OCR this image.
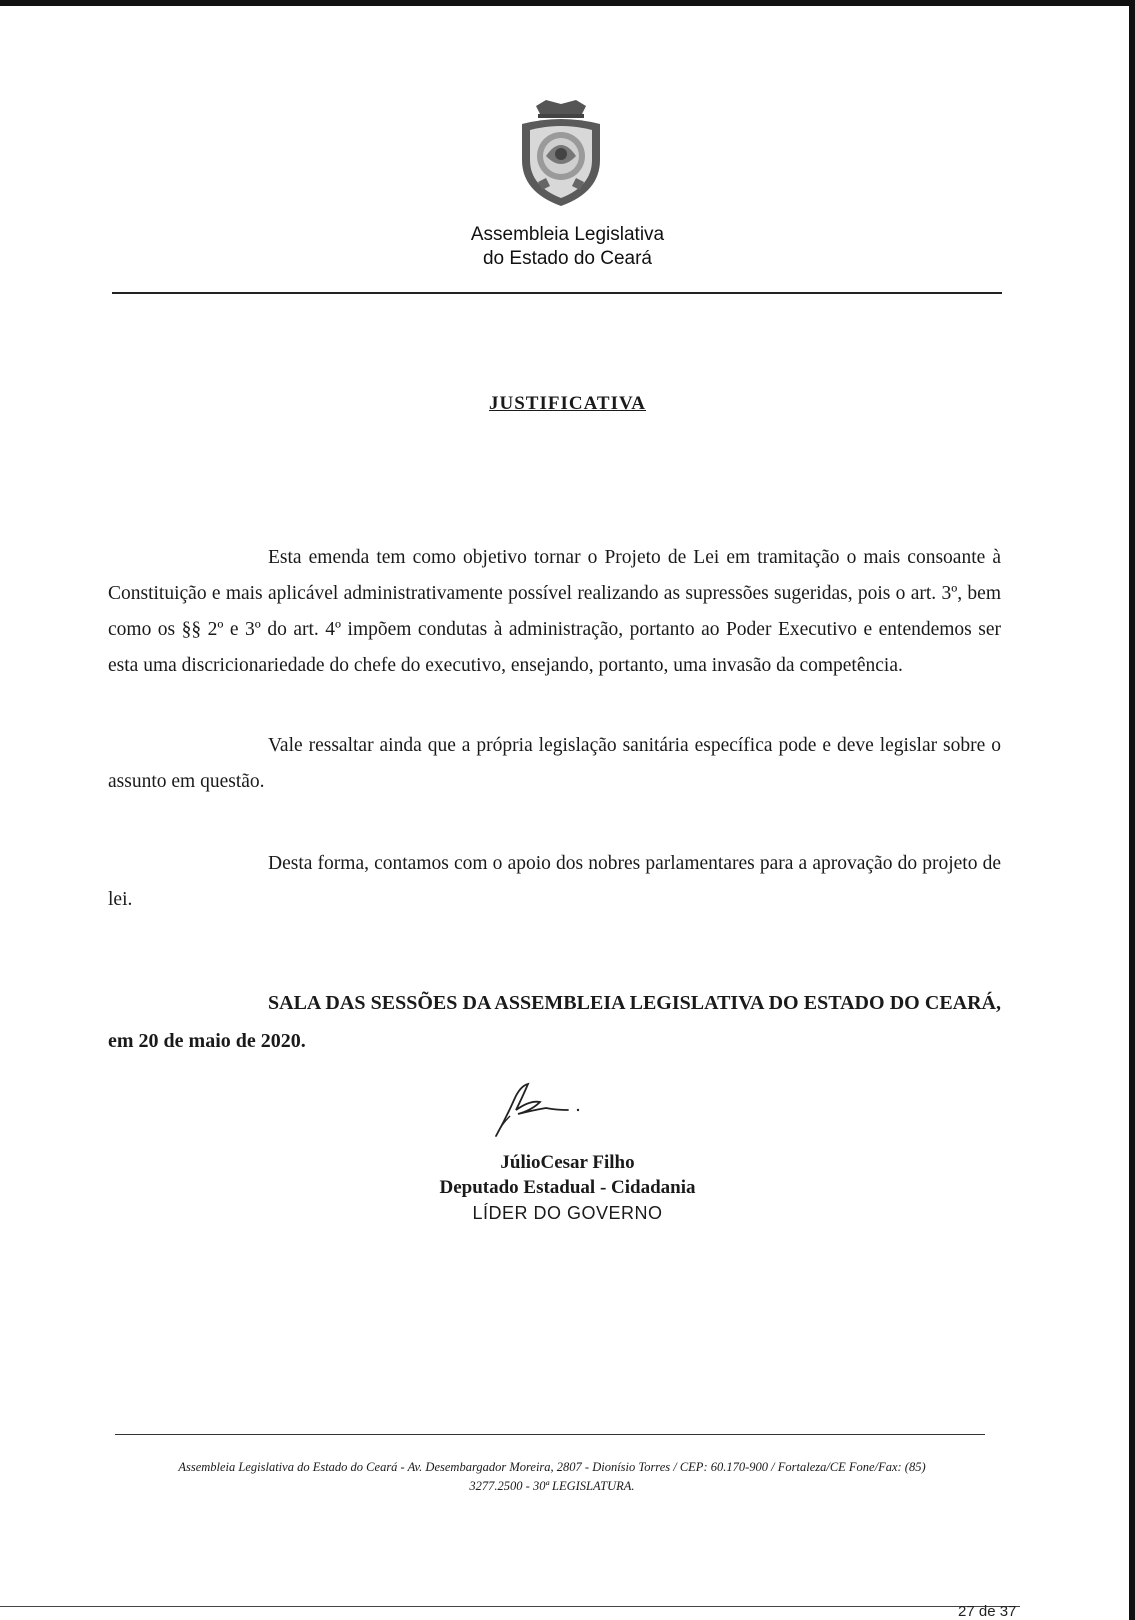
Assembleia Legislativa
do Estado do Ceará
JUSTIFICATIVA

Esta emenda tem como objetivo tornar o Projeto de Lei em tramitação o mais consoante à Constituição e mais aplicável administrativamente possível realizando as supressões sugeridas, pois o art. 3º, bem como os §§ 2º e 3º do art. 4º impõem condutas à administração, portanto ao Poder Executivo e entendemos ser esta uma discricionariedade do chefe do executivo, ensejando, portanto, uma invasão da competência.

Vale ressaltar ainda que a própria legislação sanitária específica pode e deve legislar sobre o assunto em questão.

Desta forma, contamos com o apoio dos nobres parlamentares para a aprovação do projeto de lei.

SALA DAS SESSÕES DA ASSEMBLEIA LEGISLATIVA DO ESTADO DO CEARÁ, em 20 de maio de 2020.

JúlioCesar Filho
Deputado Estadual - Cidadania
LÍDER DO GOVERNO
Assembleia Legislativa do Estado do Ceará - Av. Desembargador Moreira, 2807 - Dionísio Torres / CEP: 60.170-900 / Fortaleza/CE Fone/Fax: (85)
3277.2500 - 30ª LEGISLATURA.
27 de 37
